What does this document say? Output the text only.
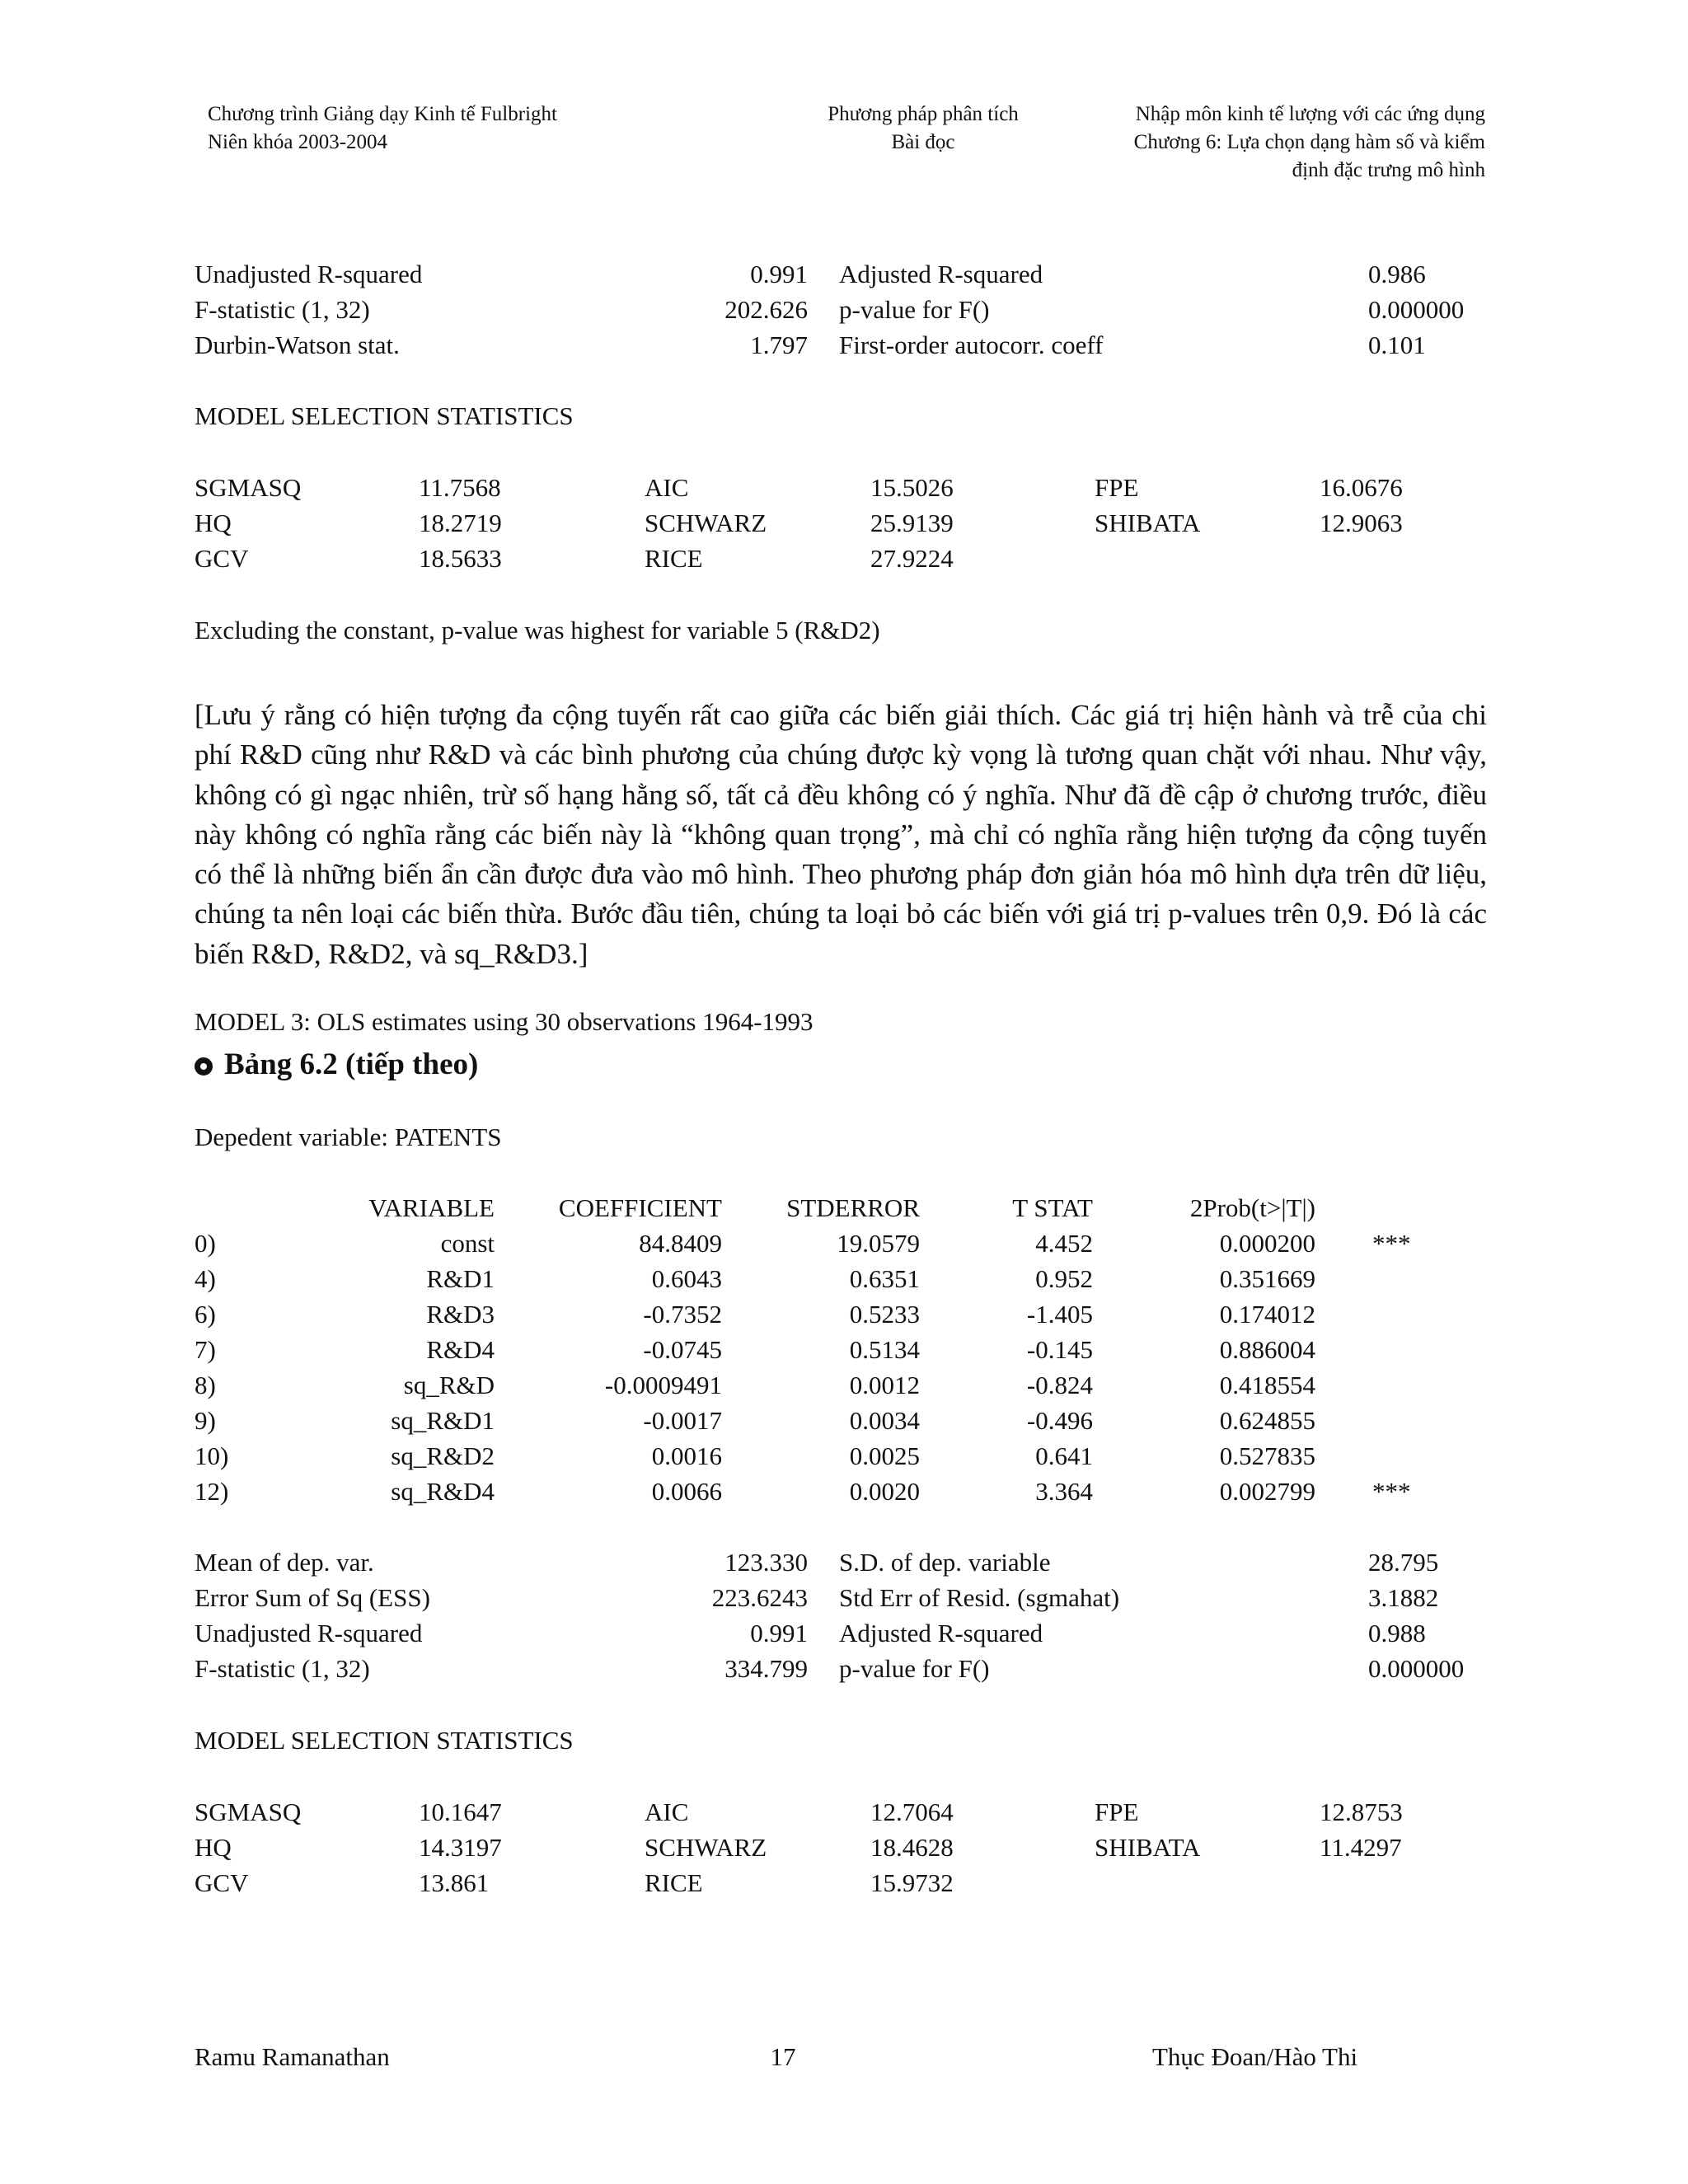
Chương trình Giảng dạy Kinh tế Fulbright
Niên khóa 2003-2004
Phương pháp phân tích
Bài đọc
Nhập môn kinh tế lượng với các ứng dụng
Chương 6: Lựa chọn dạng hàm số và kiểm
định đặc trưng mô hình
Unadjusted R-squared	0.991 Adjusted R-squared	0.986
F-statistic (1, 32)	202.626 p-value for F()	0.000000
Durbin-Watson stat.	1.797 First-order autocorr. coeff	0.101
MODEL SELECTION STATISTICS
SGMASQ	11.7568	AIC	15.5026	FPE	16.0676
HQ	18.2719	SCHWARZ	25.9139	SHIBATA	12.9063
GCV	18.5633	RICE	27.9224
Excluding the constant, p-value was highest for variable 5 (R&D2)

[Lưu ý rằng có hiện tượng đa cộng tuyến rất cao giữa các biến giải thích. Các giá trị hiện hành và trễ của chi phí R&D cũng như R&D và các bình phương của chúng được kỳ vọng là tương quan chặt với nhau. Như vậy, không có gì ngạc nhiên, trừ số hạng hằng số, tất cả đều không có ý nghĩa. Như đã đề cập ở chương trước, điều này không có nghĩa rằng các biến này là “không quan trọng”, mà chỉ có nghĩa rằng hiện tượng đa cộng tuyến có thể là những biến ẩn cần được đưa vào mô hình. Theo phương pháp đơn giản hóa mô hình dựa trên dữ liệu, chúng ta nên loại các biến thừa. Bước đầu tiên, chúng ta loại bỏ các biến với giá trị p-values trên 0,9. Đó là các biến R&D, R&D2, và sq_R&D3.]

MODEL 3: OLS estimates using 30 observations 1964-1993
Bảng 6.2 (tiếp theo)
Depedent variable: PATENTS
VARIABLE	COEFFICIENT	STDERROR	T STAT	2Prob(t>|T|)
0)	const	84.8409	19.0579	4.452	0.000200 ***
4)	R&D1	0.6043	0.6351	0.952	0.351669
6)	R&D3	-0.7352	0.5233	-1.405	0.174012
7)	R&D4	-0.0745	0.5134	-0.145	0.886004
8)	sq_R&D	-0.0009491	0.0012	-0.824	0.418554
9)	sq_R&D1	-0.0017	0.0034	-0.496	0.624855
10)	sq_R&D2	0.0016	0.0025	0.641	0.527835
12)	sq_R&D4	0.0066	0.0020	3.364	0.002799 ***
Mean of dep. var.	123.330 S.D. of dep. variable	28.795
Error Sum of Sq (ESS)	223.6243 Std Err of Resid. (sgmahat)	3.1882
Unadjusted R-squared	0.991 Adjusted R-squared	0.988
F-statistic (1, 32)	334.799 p-value for F()	0.000000
MODEL SELECTION STATISTICS
SGMASQ	10.1647	AIC	12.7064	FPE	12.8753
HQ	14.3197	SCHWARZ	18.4628	SHIBATA	11.4297
GCV	13.861	RICE	15.9732
Ramu Ramanathan	17	Thục Đoan/Hào Thi
